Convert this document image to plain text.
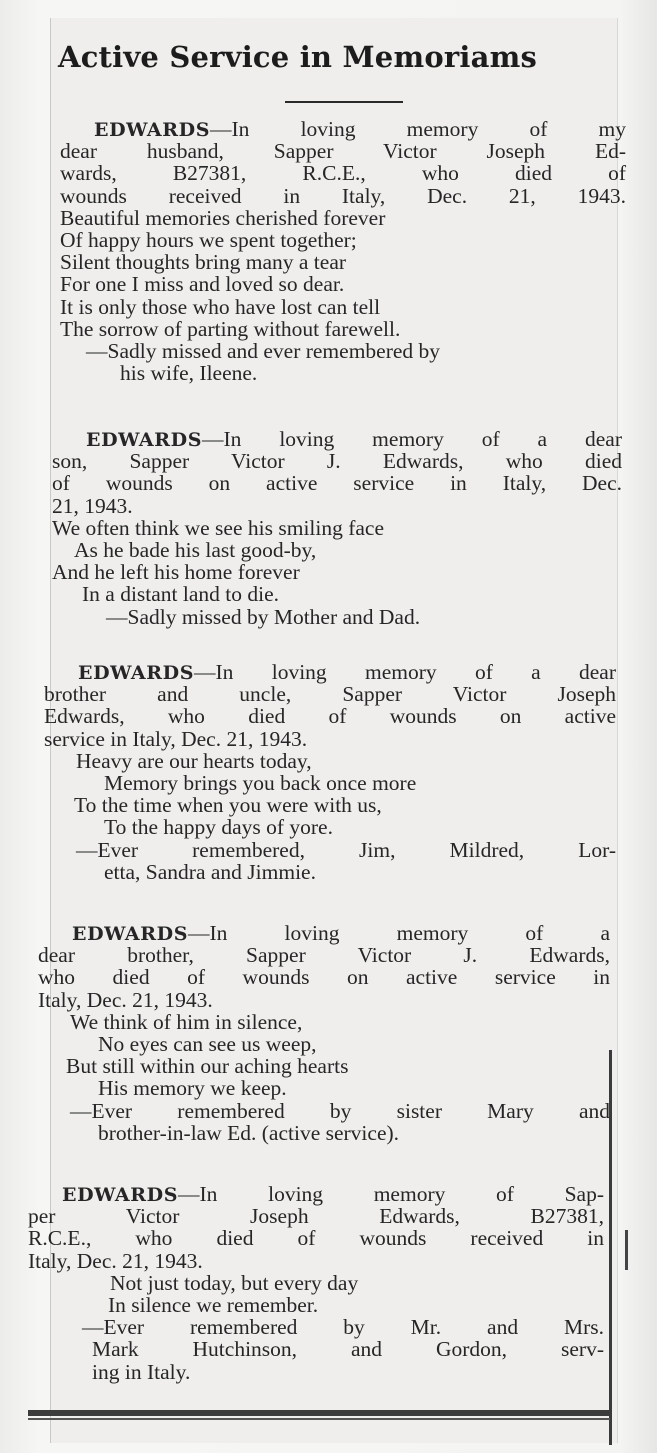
Active Service in Memoriams
EDWARDS—In loving memory of my
dear husband, Sapper Victor Joseph Ed-
wards, B27381, R.C.E., who died of
wounds received in Italy, Dec. 21, 1943.
Beautiful memories cherished forever
Of happy hours we spent together;
Silent thoughts bring many a tear
For one I miss and loved so dear.
It is only those who have lost can tell
The sorrow of parting without farewell.
—Sadly missed and ever remembered by
his wife, Ileene.
EDWARDS—In loving memory of a dear
son, Sapper Victor J. Edwards, who died
of wounds on active service in Italy, Dec.
21, 1943.
We often think we see his smiling face
As he bade his last good-by,
And he left his home forever
In a distant land to die.
—Sadly missed by Mother and Dad.
EDWARDS—In loving memory of a dear
brother and uncle, Sapper Victor Joseph
Edwards, who died of wounds on active
service in Italy, Dec. 21, 1943.
Heavy are our hearts today,
Memory brings you back once more
To the time when you were with us,
To the happy days of yore.
—Ever remembered, Jim, Mildred, Lor-
etta, Sandra and Jimmie.
EDWARDS—In loving memory of a
dear brother, Sapper Victor J. Edwards,
who died of wounds on active service in
Italy, Dec. 21, 1943.
We think of him in silence,
No eyes can see us weep,
But still within our aching hearts
His memory we keep.
—Ever remembered by sister Mary and
brother-in-law Ed. (active service).
EDWARDS—In loving memory of Sap-
per Victor Joseph Edwards, B27381,
R.C.E., who died of wounds received in
Italy, Dec. 21, 1943.
Not just today, but every day
In silence we remember.
—Ever remembered by Mr. and Mrs.
Mark Hutchinson, and Gordon, serv-
ing in Italy.
